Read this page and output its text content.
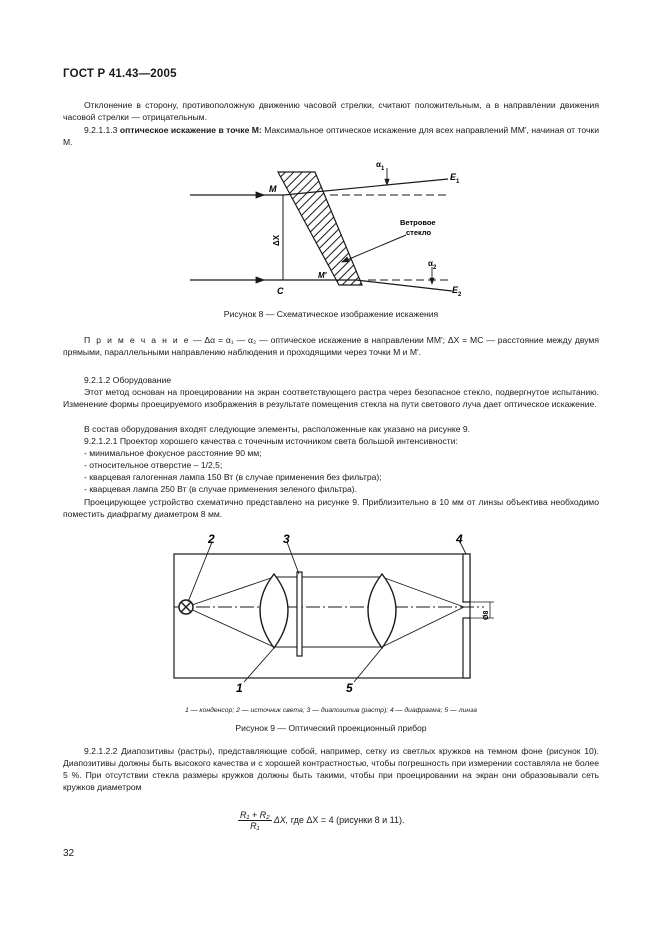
ГОСТ Р 41.43—2005
Отклонение в сторону, противоположную движению часовой стрелки, считают положительным, а в направлении движения часовой стрелки — отрицательным.
9.2.1.1.3 оптическое искажение в точке M: Максимальное оптическое искажение для всех направлений MM', начиная от точки M.
M
M'
C
ΔX
α 1
α 2
E 1
E 2
Ветровое
стекло
Рисунок 8 — Схематическое изображение искажения
П р и м е ч а н и е — Δα = α₁ — α₂ — оптическое искажение в направлении MM'; ΔX = MC — расстояние между двумя прямыми, параллельными направлению наблюдения и проходящими через точки M и M'.
9.2.1.2 Оборудование
Этот метод основан на проецировании на экран соответствующего растра через безопасное стекло, подвергнутое испытанию. Изменение формы проецируемого изображения в результате помещения стекла на пути светового луча дает оптическое искажение.
В состав оборудования входят следующие элементы, расположенные как указано на рисунке 9.
9.2.1.2.1 Проектор хорошего качества с точечным источником света большой интенсивности:
- минимальное фокусное расстояние 90 мм;
- относительное отверстие – 1/2,5;
- кварцевая галогенная лампа 150 Вт (в случае применения без фильтра);
- кварцевая лампа 250 Вт (в случае применения зеленого фильтра).
Проецирующее устройство схематично представлено на рисунке 9. Приблизительно в 10 мм от линзы объектива необходимо поместить диафрагму диаметром 8 мм.
2	3	4
1	5
Ø8
1 — конденсор; 2 — источник света; 3 — диапозитив (растр); 4 — диафрагма; 5 — линза
Рисунок 9 — Оптический проекционный прибор
9.2.1.2.2 Диапозитивы (растры), представляющие собой, например, сетку из светлых кружков на темном фоне (рисунок 10). Диапозитивы должны быть высокого качества и с хорошей контрастностью, чтобы погрешность при измерении составляла не более 5 %. При отсутствии стекла размеры кружков должны быть такими, чтобы при проецировании на экран они образовывали сеть кружков диаметром
$\frac{\text{R₁ + R₂}}{\text{R₁}} \Delta X$, где ΔX = 4 (рисунки 8 и 11).
32
